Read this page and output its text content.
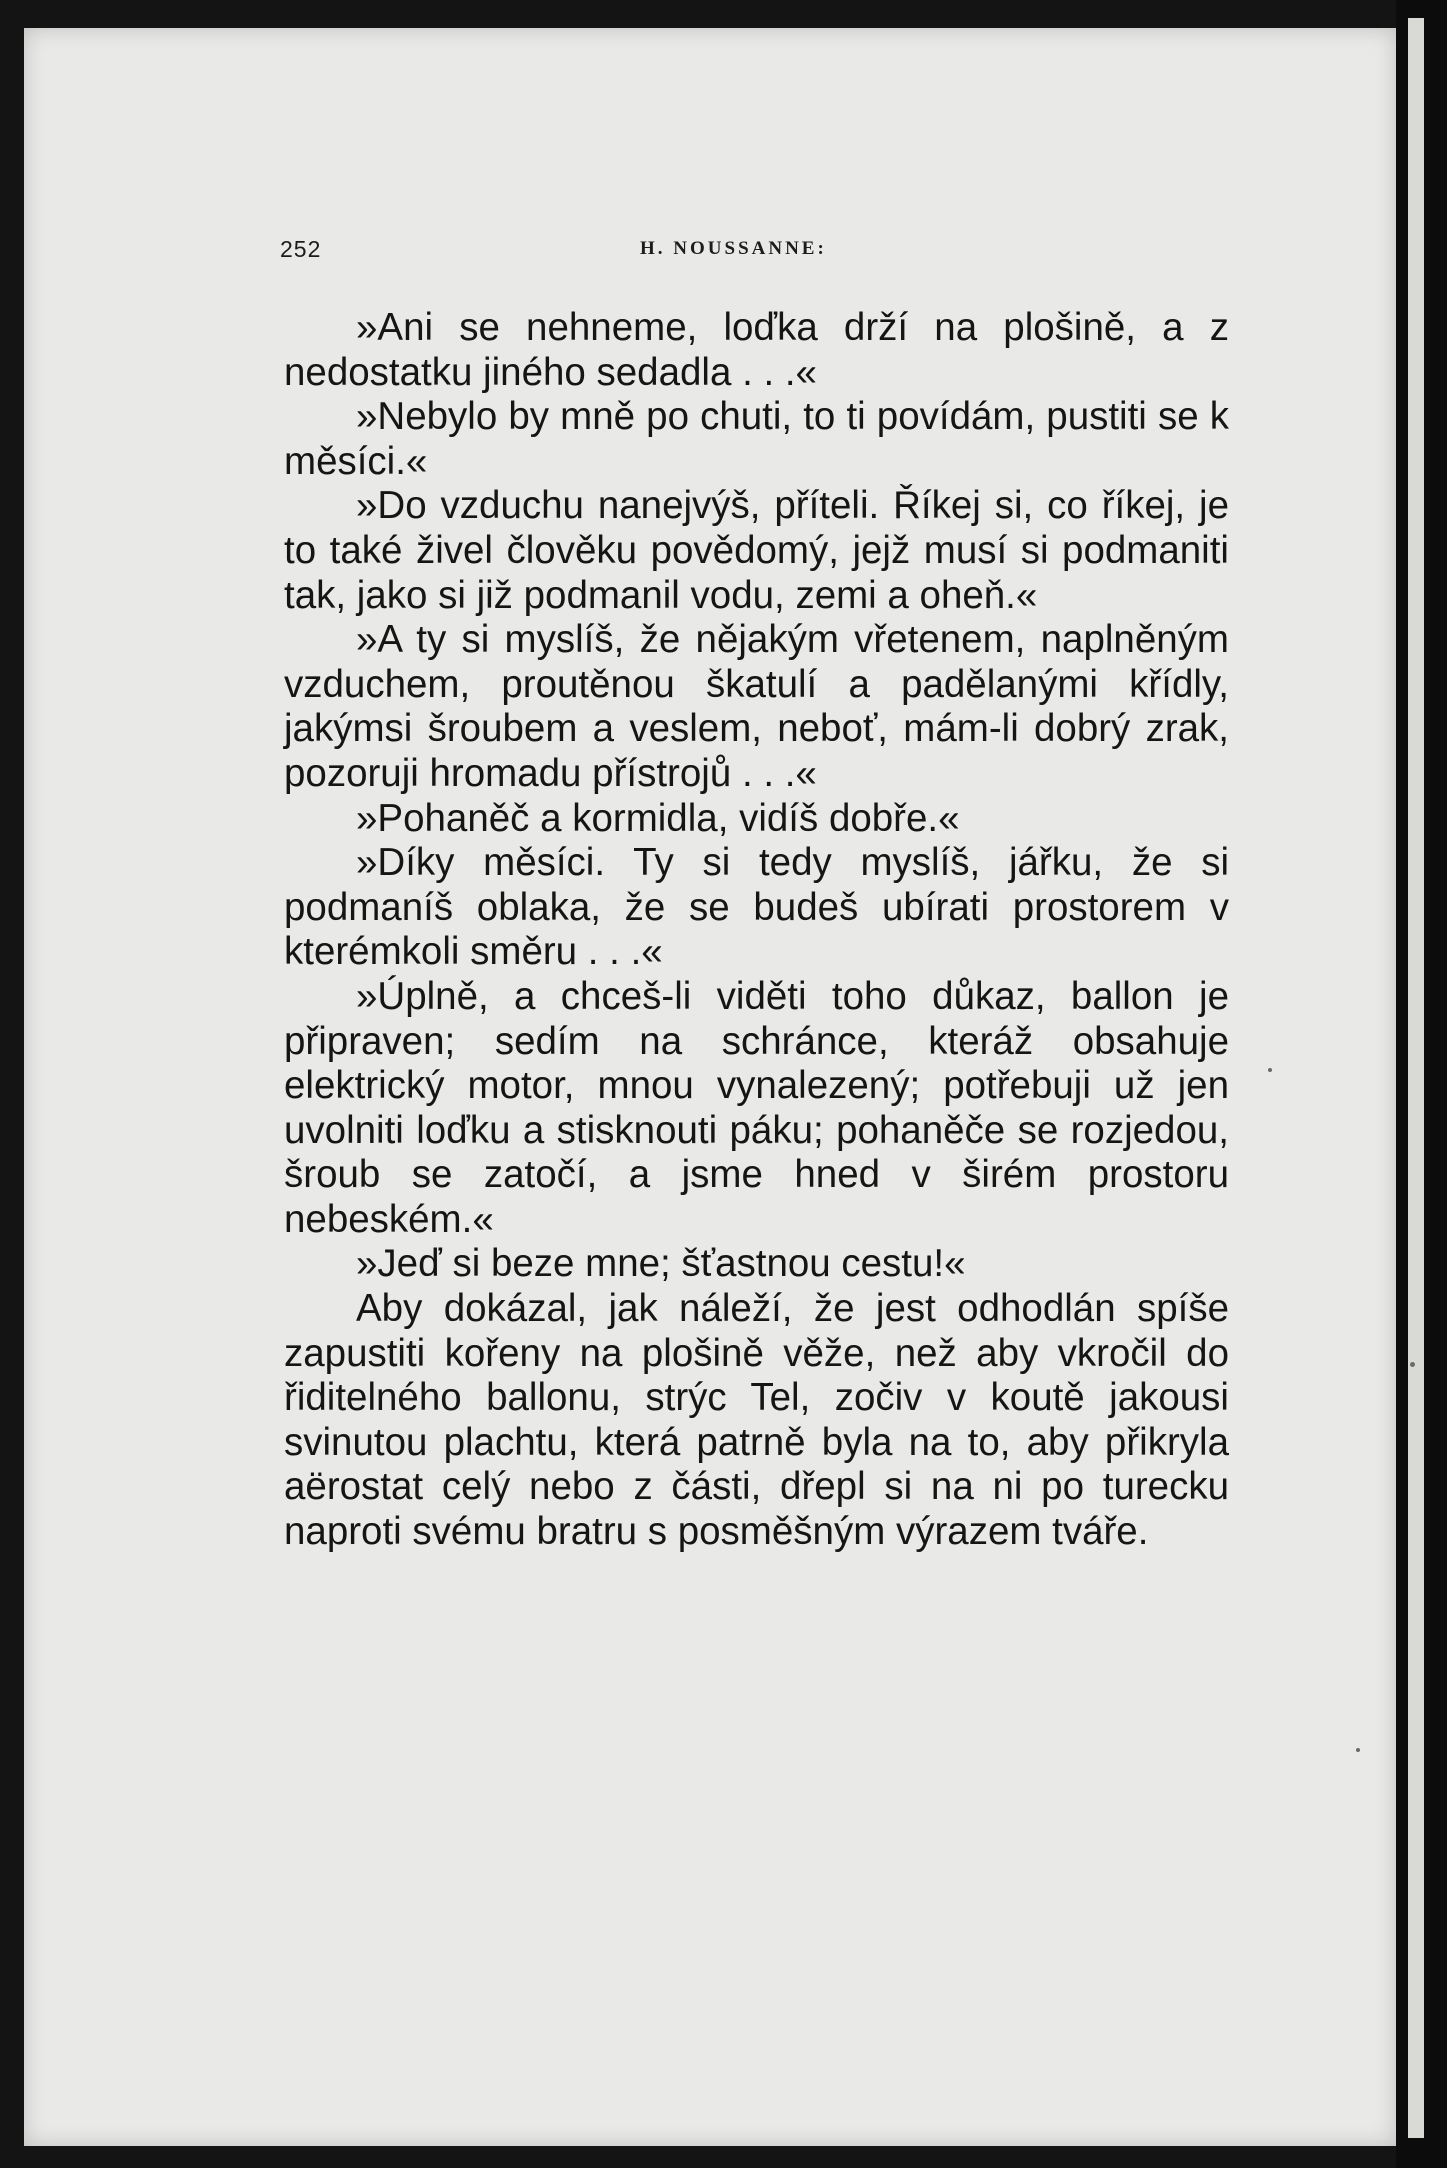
252	H. NOUSSANNE:

»Ani se nehneme, loďka drží na plošině, a z nedostatku jiného sedadla . . .«

»Nebylo by mně po chuti, to ti povídám, pustiti se k měsíci.«

»Do vzduchu nanejvýš, příteli. Říkej si, co říkej, je to také živel člověku povědomý, jejž musí si podmaniti tak, jako si již podmanil vodu, zemi a oheň.«

»A ty si myslíš, že nějakým vřetenem, naplněným vzduchem, proutěnou škatulí a padělanými křídly, jakýmsi šroubem a veslem, neboť, mám-li dobrý zrak, pozoruji hromadu přístrojů . . .«

»Pohaněč a kormidla, vidíš dobře.«

»Díky měsíci. Ty si tedy myslíš, jářku, že si podmaníš oblaka, že se budeš ubírati prostorem v kterémkoli směru . . .«

»Úplně, a chceš-li viděti toho důkaz, ballon je připraven; sedím na schránce, kteráž obsahuje elektrický motor, mnou vynalezený; potřebuji už jen uvolniti loďku a stisknouti páku; pohaněče se rozjedou, šroub se zatočí, a jsme hned v širém prostoru nebeském.«

»Jeď si beze mne; šťastnou cestu!«

Aby dokázal, jak náleží, že jest odhodlán spíše zapustiti kořeny na plošině věže, než aby vkročil do řiditelného ballonu, strýc Tel, zočiv v koutě jakousi svinutou plachtu, která patrně byla na to, aby přikryla aërostat celý nebo z části, dřepl si na ni po turecku naproti svému bratru s posměšným výrazem tváře.
